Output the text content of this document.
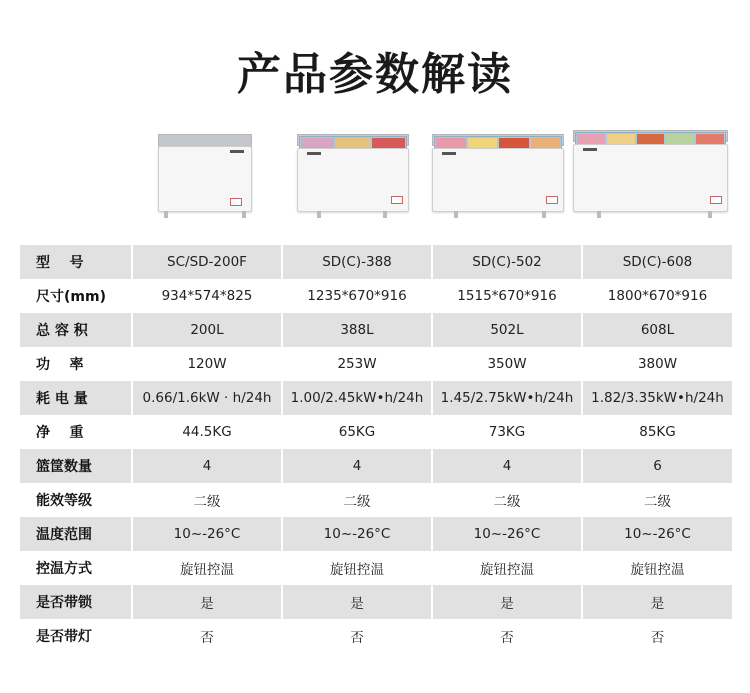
产品参数解读
型    号	SC/SD-200F	SD(C)-388	SD(C)-502	SD(C)-608
尺寸(mm)	934*574*825	1235*670*916	1515*670*916	1800*670*916
总 容 积	200L	388L	502L	608L
功    率	120W	253W	350W	380W
耗 电 量	0.66/1.6kW · h/24h	1.00/2.45kW•h/24h	1.45/2.75kW•h/24h	1.82/3.35kW•h/24h
净    重	44.5KG	65KG	73KG	85KG
篮筐数量	4	4	4	6
能效等级	二级	二级	二级	二级
温度范围	10~-26°C	10~-26°C	10~-26°C	10~-26°C
控温方式	旋钮控温	旋钮控温	旋钮控温	旋钮控温
是否带锁	是	是	是	是
是否带灯	否	否	否	否
